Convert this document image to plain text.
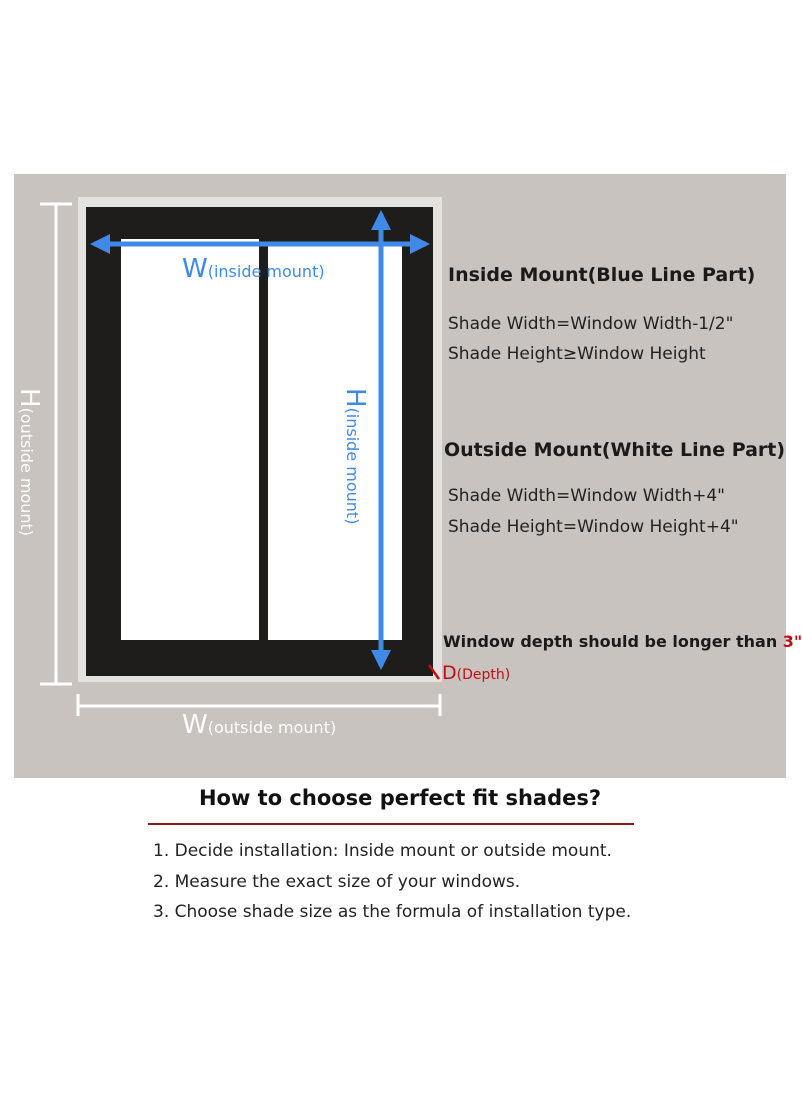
W(inside mount)
H(inside mount)
H(outside mount)
W(outside mount)
Inside Mount(Blue Line Part)
Shade Width=Window Width-1/2"
Shade Height≥Window Height
Outside Mount(White Line Part)
Shade Width=Window Width+4"
Shade Height=Window Height+4"
Window depth should be longer than 3"
D(Depth)
How to choose perfect fit shades?
1. Decide installation: Inside mount or outside mount.
2. Measure the exact size of your windows.
3. Choose shade size as the formula of installation type.
